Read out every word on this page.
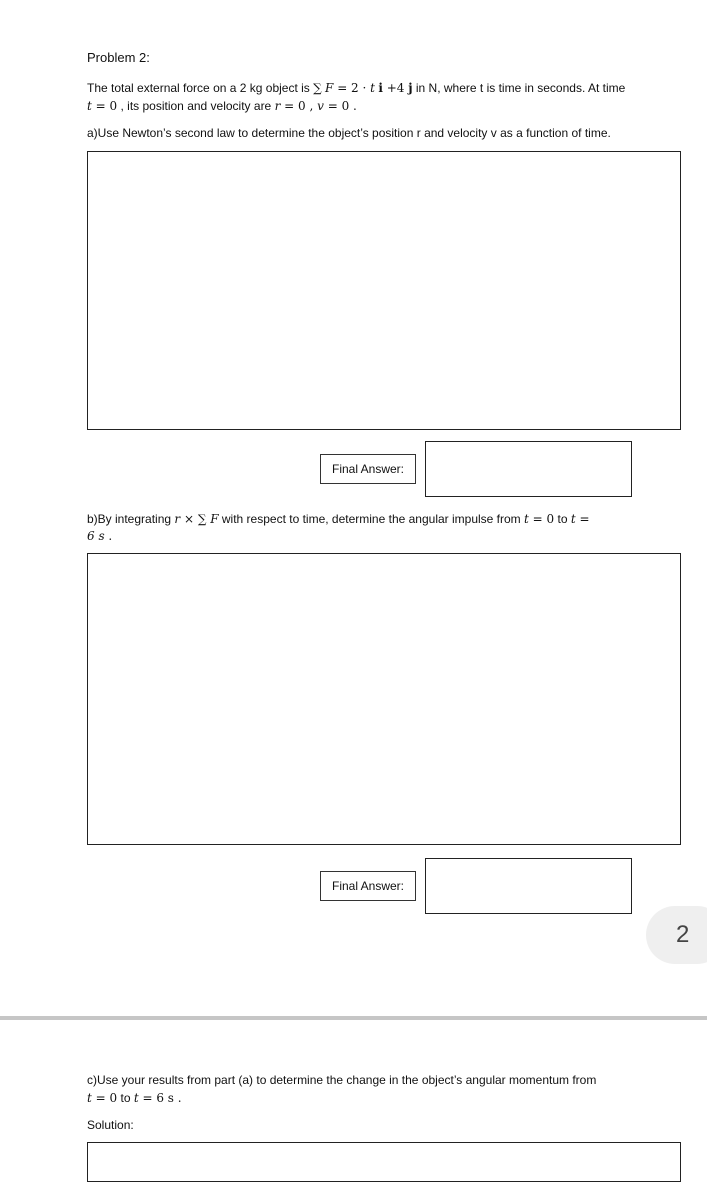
Problem 2:
The total external force on a 2 kg object is ∑ F = 2 · t i +4 j in N, where t is time in seconds. At time
t = 0 , its position and velocity are r = 0 , v = 0 .
a)Use Newton’s second law to determine the object’s position r and velocity v as a function of time.
Final Answer:
b)By integrating r × ∑ F with respect to time, determine the angular impulse from t = 0 to t =
6 s .
Final Answer:
2
c)Use your results from part (a) to determine the change in the object’s angular momentum from
t = 0 to t = 6 s .
Solution:
